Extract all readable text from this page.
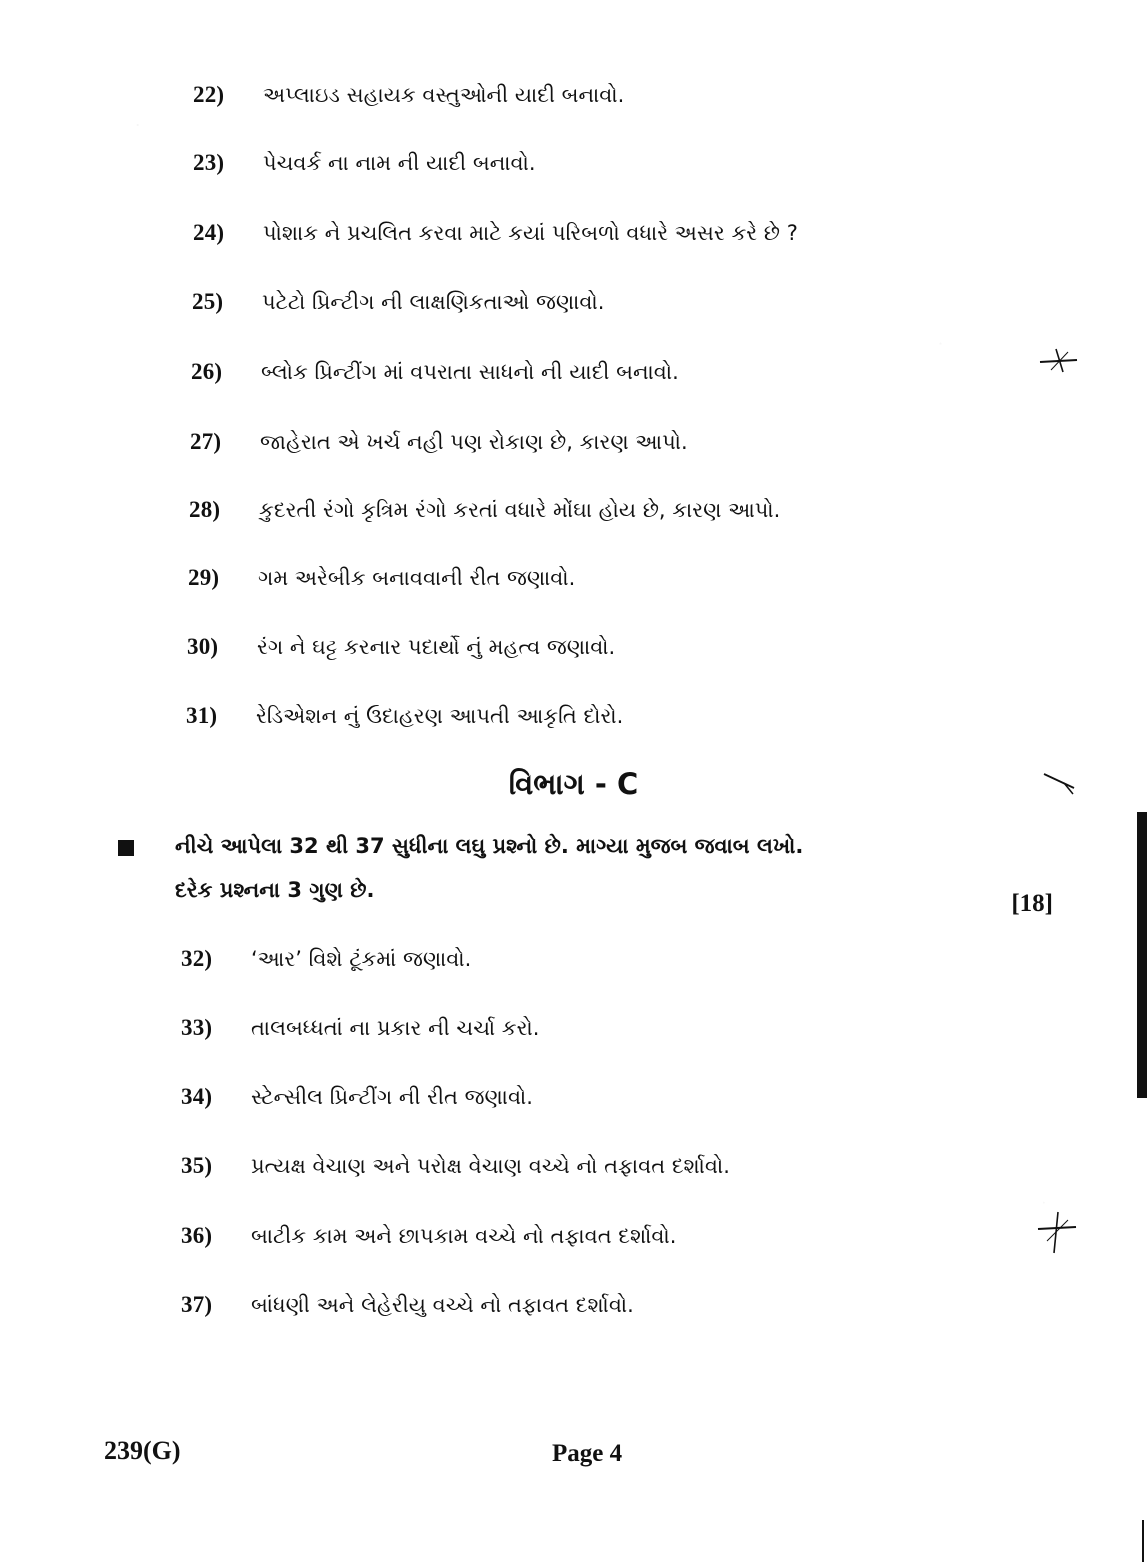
22)	અપ્લાઇડ સહાયક વસ્તુઓની યાદી બનાવો.
23)	પેચવર્ક ના નામ ની યાદી બનાવો.
24)	પોશાક ને પ્રચલિત કરવા માટે કયાં પરિબળો વધારે અસર કરે છે ?
25)	પટેટો પ્રિન્ટીગ ની લાક્ષણિકતાઓ જણાવો.
26)	બ્લોક પ્રિન્ટીંગ માં વપરાતા સાધનો ની યાદી બનાવો.
27)	જાહેરાત એ ખર્ચ નહી પણ રોકાણ છે, કારણ આપો.
28)	કુદરતી રંગો કૃત્રિમ રંગો કરતાં વધારે મોંઘા હોય છે, કારણ આપો.
29)	ગમ અરેબીક બનાવવાની રીત જણાવો.
30)	રંગ ને ઘટ્ટ કરનાર પદાર્થો નું મહત્વ જણાવો.
31)	રેડિએશન નું ઉદાહરણ આપતી આકૃતિ દોરો.
વિભાગ - C
નીચે આપેલા 32 થી 37 સુધીના લઘુ પ્રશ્નો છે. માગ્યા મુજબ જવાબ લખો.
દરેક પ્રશ્નના 3 ગુણ છે.	[18]
32)	‘આર’ વિશે ટૂંકમાં જણાવો.
33)	તાલબધ્ધતાં ના પ્રકાર ની ચર્ચા કરો.
34)	સ્ટેન્સીલ પ્રિન્ટીંગ ની રીત જણાવો.
35)	પ્રત્યક્ષ વેચાણ અને પરોક્ષ વેચાણ વચ્ચે નો તફાવત દર્શાવો.
36)	બાટીક કામ અને છાપકામ વચ્ચે નો તફાવત દર્શાવો.
37)	બાંધણી અને લેહેરીયુ વચ્ચે નો તફાવત દર્શાવો.
239(G)	Page 4
